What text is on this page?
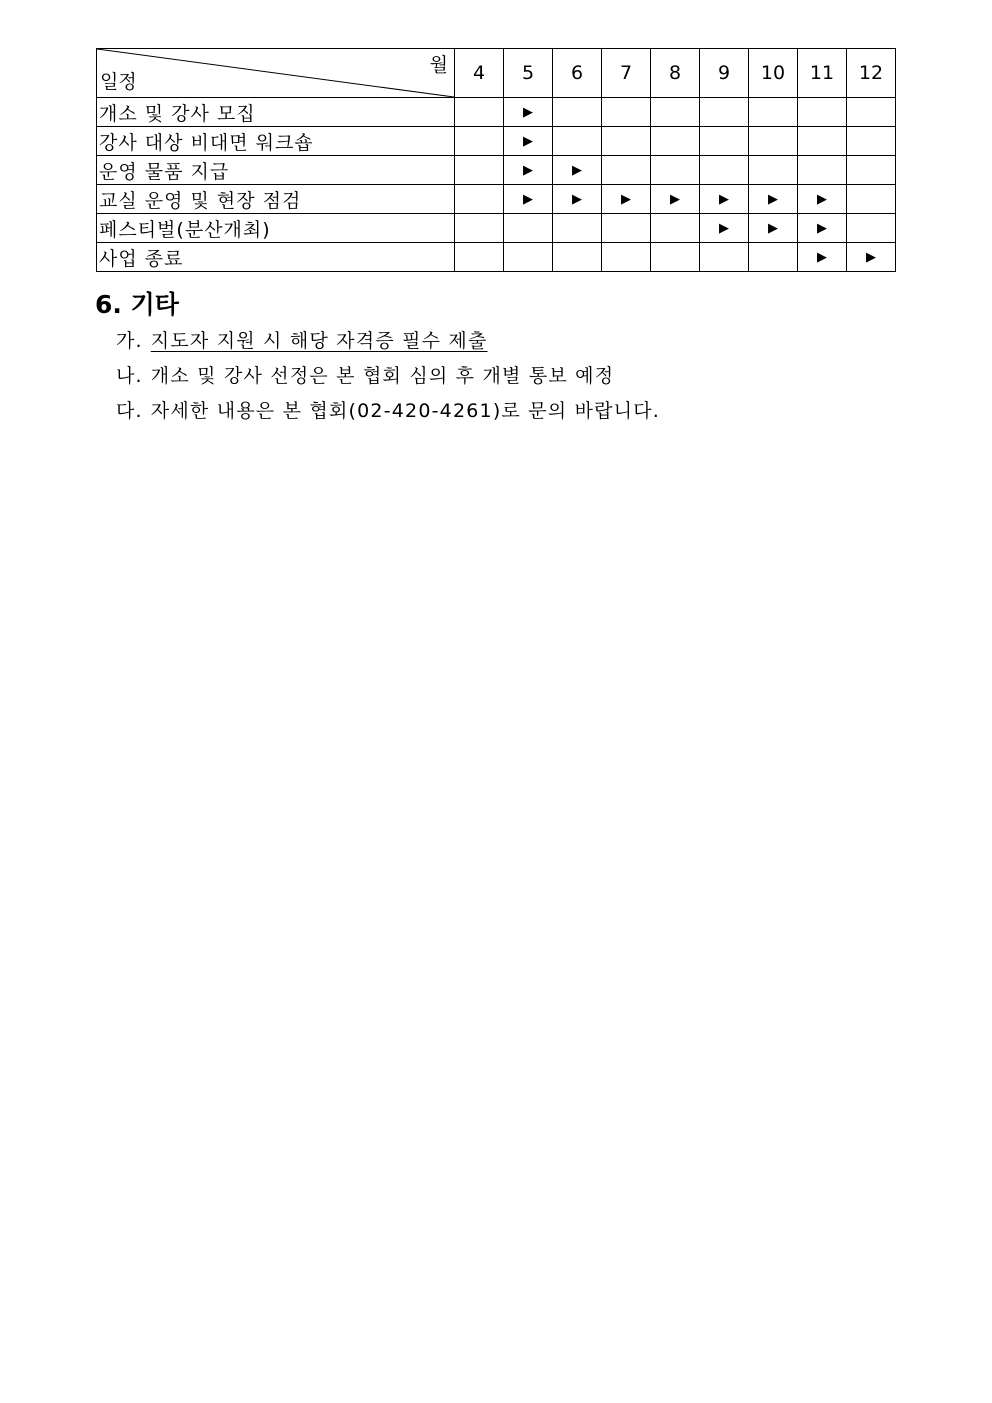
월
일정	4	5	6	7	8	9	10	11	12
개소 및 강사 모집		▶							
강사 대상 비대면 워크숍		▶							
운영 물품 지급		▶	▶						
교실 운영 및 현장 점검		▶	▶	▶	▶	▶	▶	▶	
페스티벌(분산개최)						▶	▶	▶	
사업 종료								▶	▶
6. 기타
가. 지도자 지원 시 해당 자격증 필수 제출
나. 개소 및 강사 선정은 본 협회 심의 후 개별 통보 예정
다. 자세한 내용은 본 협회(02-420-4261)로 문의 바랍니다.
